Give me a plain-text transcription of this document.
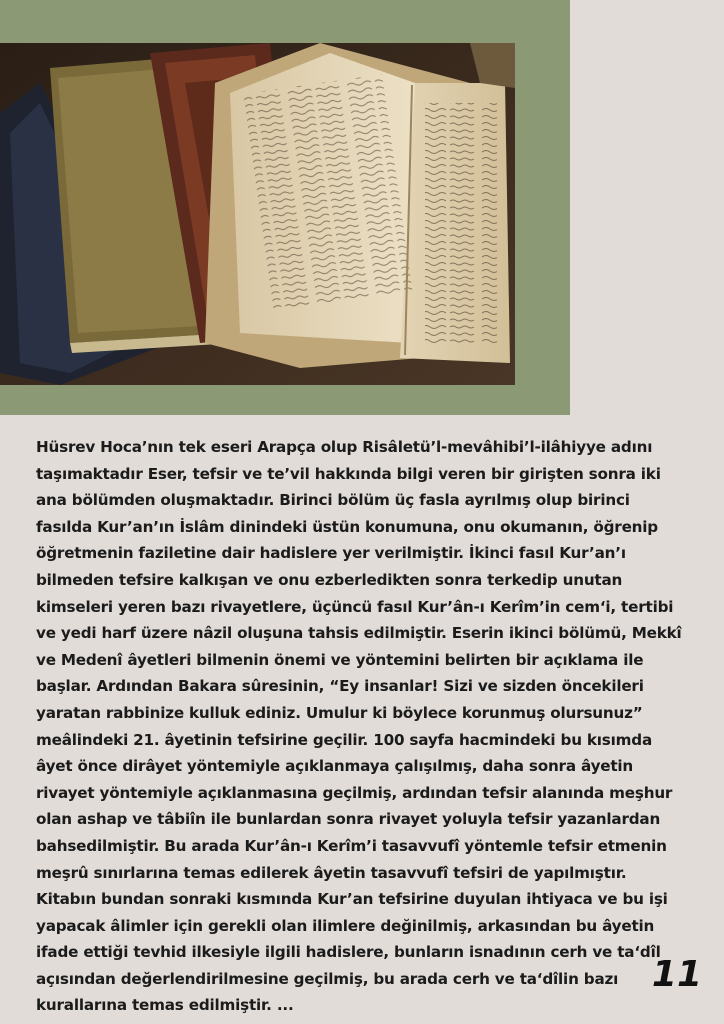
Hüsrev Hoca’nın tek eseri Arapça olup Risâletü’l-mevâhibi’l-ilâhiyye adını taşımaktadır Eser, tefsir ve te’vil hakkında bilgi veren bir girişten sonra iki ana bölümden oluşmaktadır. Birinci bölüm üç fasla ayrılmış olup birinci fasılda Kur’an’ın İslâm dinindeki üstün konumuna, onu okumanın, öğrenip öğretmenin faziletine dair hadislere yer verilmiştir. İkinci fasıl Kur’an’ı bilmeden tefsire kalkışan ve onu ezberledikten sonra terkedip unutan kimseleri yeren bazı rivayetlere, üçüncü fasıl Kur’ân-ı Kerîm’in cem‘i, tertibi ve yedi harf üzere nâzil oluşuna tahsis edilmiştir. Eserin ikinci bölümü, Mekkî ve Medenî âyetleri bilmenin önemi ve yöntemini belirten bir açıklama ile başlar. Ardından Bakara sûresinin, “Ey insanlar! Sizi ve sizden öncekileri yaratan rabbinize kulluk ediniz. Umulur ki böylece korunmuş olursunuz” meâlindeki 21. âyetinin tefsirine geçilir. 100 sayfa hacmindeki bu kısımda âyet önce dirâyet yöntemiyle açıklanmaya çalışılmış, daha sonra âyetin rivayet yöntemiyle açıklanmasına geçilmiş, ardından tefsir alanında meşhur olan ashap ve tâbiîn ile bunlardan sonra rivayet yoluyla tefsir yazanlardan bahsedilmiştir. Bu arada Kur’ân-ı Kerîm’i tasavvufî yöntemle tefsir etmenin meşrû sınırlarına temas edilerek âyetin tasavvufî tefsiri de yapılmıştır. Kitabın bundan sonraki kısmında Kur’an tefsirine duyulan ihtiyaca ve bu işi yapacak âlimler için gerekli olan ilimlere değinilmiş, arkasından bu âyetin ifade ettiği tevhid ilkesiyle ilgili hadislere, bunların isnadının cerh ve ta‘dîl açısından değerlendirilmesine geçilmiş, bu arada cerh ve ta‘dîlin bazı kurallarına temas edilmiştir. ...

11
